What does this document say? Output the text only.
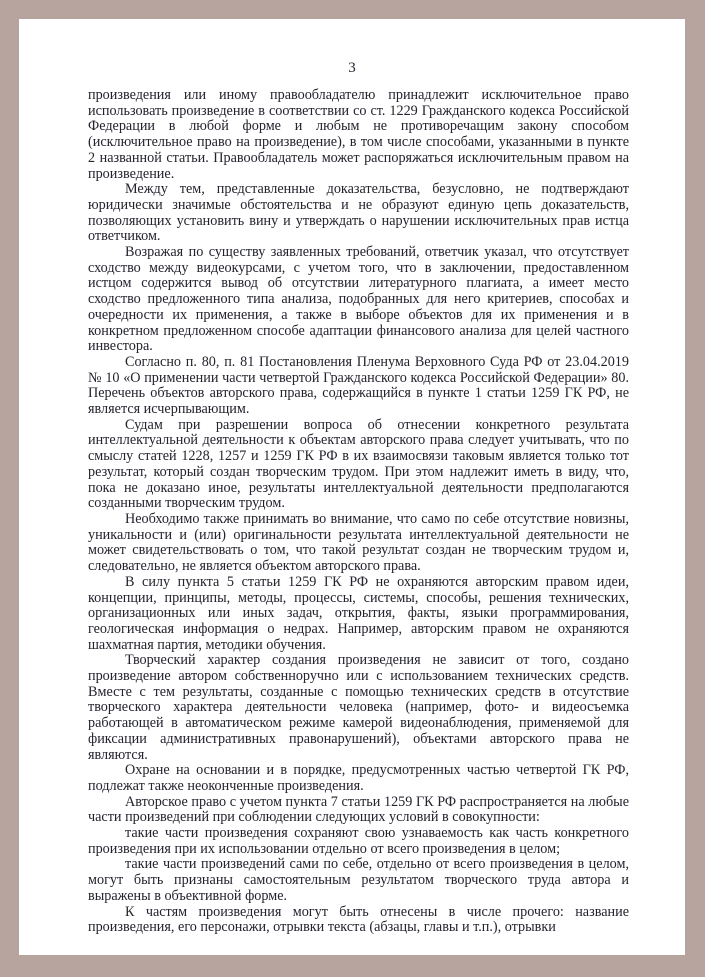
3

произведения или иному правообладателю принадлежит исключительное право использовать произведение в соответствии со ст. 1229 Гражданского кодекса Российской Федерации в любой форме и любым не противоречащим закону способом (исключительное право на произведение), в том числе способами, указанными в пункте 2 названной статьи. Правообладатель может распоряжаться исключительным правом на произведение.

Между тем, представленные доказательства, безусловно, не подтверждают юридически значимые обстоятельства и не образуют единую цепь доказательств, позволяющих установить вину и утверждать о нарушении исключительных прав истца ответчиком.

Возражая по существу заявленных требований, ответчик указал, что отсутствует сходство между видеокурсами, с учетом того, что в заключении, предоставленном истцом содержится вывод об отсутствии литературного плагиата, а имеет место сходство предложенного типа анализа, подобранных для него критериев, способах и очередности их применения, а также в выборе объектов для их применения и в конкретном предложенном способе адаптации финансового анализа для целей частного инвестора.

Согласно п. 80, п. 81 Постановления Пленума Верховного Суда РФ от 23.04.2019 № 10 «О применении части четвертой Гражданского кодекса Российской Федерации» 80. Перечень объектов авторского права, содержащийся в пункте 1 статьи 1259 ГК РФ, не является исчерпывающим.

Судам при разрешении вопроса об отнесении конкретного результата интеллектуальной деятельности к объектам авторского права следует учитывать, что по смыслу статей 1228, 1257 и 1259 ГК РФ в их взаимосвязи таковым является только тот результат, который создан творческим трудом. При этом надлежит иметь в виду, что, пока не доказано иное, результаты интеллектуальной деятельности предполагаются созданными творческим трудом.

Необходимо также принимать во внимание, что само по себе отсутствие новизны, уникальности и (или) оригинальности результата интеллектуальной деятельности не может свидетельствовать о том, что такой результат создан не творческим трудом и, следовательно, не является объектом авторского права.

В силу пункта 5 статьи 1259 ГК РФ не охраняются авторским правом идеи, концепции, принципы, методы, процессы, системы, способы, решения технических, организационных или иных задач, открытия, факты, языки программирования, геологическая информация о недрах. Например, авторским правом не охраняются шахматная партия, методики обучения.

Творческий характер создания произведения не зависит от того, создано произведение автором собственноручно или с использованием технических средств. Вместе с тем результаты, созданные с помощью технических средств в отсутствие творческого характера деятельности человека (например, фото- и видеосъемка работающей в автоматическом режиме камерой видеонаблюдения, применяемой для фиксации административных правонарушений), объектами авторского права не являются.

Охране на основании и в порядке, предусмотренных частью четвертой ГК РФ, подлежат также неоконченные произведения.

Авторское право с учетом пункта 7 статьи 1259 ГК РФ распространяется на любые части произведений при соблюдении следующих условий в совокупности:

такие части произведения сохраняют свою узнаваемость как часть конкретного произведения при их использовании отдельно от всего произведения в целом;

такие части произведений сами по себе, отдельно от всего произведения в целом, могут быть признаны самостоятельным результатом творческого труда автора и выражены в объективной форме.

К частям произведения могут быть отнесены в числе прочего: название произведения, его персонажи, отрывки текста (абзацы, главы и т.п.), отрывки
